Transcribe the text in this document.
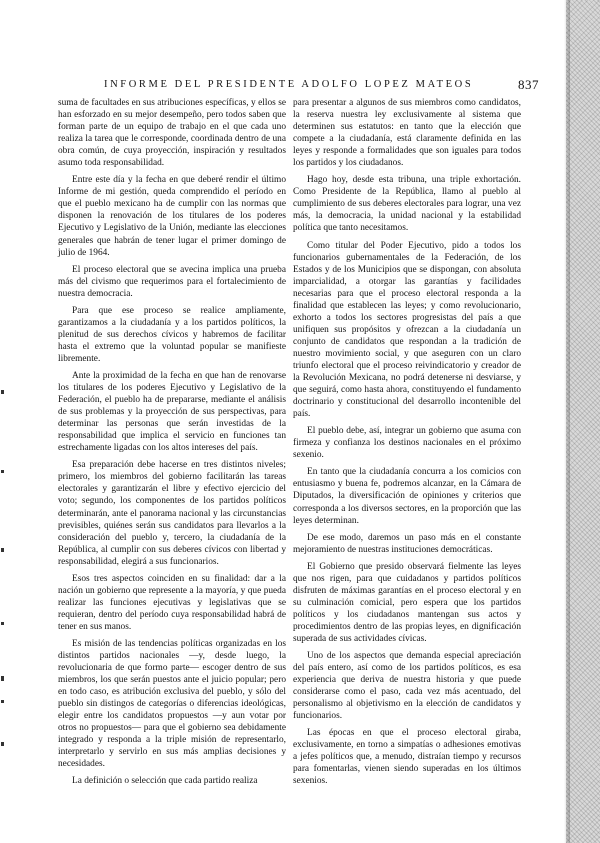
INFORME DEL PRESIDENTE ADOLFO LOPEZ MATEOS	837

suma de facultades en sus atribuciones específicas, y ellos se han esforzado en su mejor desempeño, pero todos saben que forman parte de un equipo de trabajo en el que cada uno realiza la tarea que le corresponde, coordinada dentro de una obra común, de cuya proyección, inspiración y resultados asumo toda responsabilidad.

Entre este día y la fecha en que deberé rendir el último Informe de mi gestión, queda comprendido el período en que el pueblo mexicano ha de cumplir con las normas que disponen la renovación de los titulares de los poderes Ejecutivo y Legislativo de la Unión, mediante las elecciones generales que habrán de tener lugar el primer domingo de julio de 1964.

El proceso electoral que se avecina implica una prueba más del civismo que requerimos para el fortalecimiento de nuestra democracia.

Para que ese proceso se realice ampliamente, garantizamos a la ciudadanía y a los partidos políticos, la plenitud de sus derechos cívicos y habremos de facilitar hasta el extremo que la voluntad popular se manifieste libremente.

Ante la proximidad de la fecha en que han de renovarse los titulares de los poderes Ejecutivo y Legislativo de la Federación, el pueblo ha de prepararse, mediante el análisis de sus problemas y la proyección de sus perspectivas, para determinar las personas que serán investidas de la responsabilidad que implica el servicio en funciones tan estrechamente ligadas con los altos intereses del país.

Esa preparación debe hacerse en tres distintos niveles; primero, los miembros del gobierno facilitarán las tareas electorales y garantizarán el libre y efectivo ejercicio del voto; segundo, los componentes de los partidos políticos determinarán, ante el panorama nacional y las circunstancias previsibles, quiénes serán sus candidatos para llevarlos a la consideración del pueblo y, tercero, la ciudadanía de la República, al cumplir con sus deberes cívicos con libertad y responsabilidad, elegirá a sus funcionarios.

Esos tres aspectos coinciden en su finalidad: dar a la nación un gobierno que represente a la mayoría, y que pueda realizar las funciones ejecutivas y legislativas que se requieran, dentro del período cuya responsabilidad habrá de tener en sus manos.

Es misión de las tendencias políticas organizadas en los distintos partidos nacionales —y, desde luego, la revolucionaria de que formo parte— escoger dentro de sus miembros, los que serán puestos ante el juicio popular; pero en todo caso, es atribución exclusiva del pueblo, y sólo del pueblo sin distingos de categorías o diferencias ideológicas, elegir entre los candidatos propuestos —y aun votar por otros no propuestos— para que el gobierno sea debidamente integrado y responda a la triple misión de representarlo, interpretarlo y servirlo en sus más amplias decisiones y necesidades.

La definición o selección que cada partido realiza

para presentar a algunos de sus miembros como candidatos, la reserva nuestra ley exclusivamente al sistema que determinen sus estatutos: en tanto que la elección que compete a la ciudadanía, está claramente definida en las leyes y responde a formalidades que son iguales para todos los partidos y los ciudadanos.

Hago hoy, desde esta tribuna, una triple exhortación. Como Presidente de la República, llamo al pueblo al cumplimiento de sus deberes electorales para lograr, una vez más, la democracia, la unidad nacional y la estabilidad política que tanto necesitamos.

Como titular del Poder Ejecutivo, pido a todos los funcionarios gubernamentales de la Federación, de los Estados y de los Municipios que se dispongan, con absoluta imparcialidad, a otorgar las garantías y facilidades necesarias para que el proceso electoral responda a la finalidad que establecen las leyes; y como revolucionario, exhorto a todos los sectores progresistas del país a que unifiquen sus propósitos y ofrezcan a la ciudadanía un conjunto de candidatos que respondan a la tradición de nuestro movimiento social, y que aseguren con un claro triunfo electoral que el proceso reivindicatorio y creador de la Revolución Mexicana, no podrá detenerse ni desviarse, y que seguirá, como hasta ahora, constituyendo el fundamento doctrinario y constitucional del desarrollo incontenible del país.

El pueblo debe, así, integrar un gobierno que asuma con firmeza y confianza los destinos nacionales en el próximo sexenio.

En tanto que la ciudadanía concurra a los comicios con entusiasmo y buena fe, podremos alcanzar, en la Cámara de Diputados, la diversificación de opiniones y criterios que corresponda a los diversos sectores, en la proporción que las leyes determinan.

De ese modo, daremos un paso más en el constante mejoramiento de nuestras instituciones democráticas.

El Gobierno que presido observará fielmente las leyes que nos rigen, para que cuidadanos y partidos políticos disfruten de máximas garantías en el proceso electoral y en su culminación comicial, pero espera que los partidos políticos y los ciudadanos mantengan sus actos y procedimientos dentro de las propias leyes, en dignificación superada de sus actividades cívicas.

Uno de los aspectos que demanda especial apreciación del país entero, así como de los partidos políticos, es esa experiencia que deriva de nuestra historia y que puede considerarse como el paso, cada vez más acentuado, del personalismo al objetivismo en la elección de candidatos y funcionarios.

Las épocas en que el proceso electoral giraba, exclusivamente, en torno a simpatías o adhesiones emotivas a jefes políticos que, a menudo, distraían tiempo y recursos para fomentarlas, vienen siendo superadas en los últimos sexenios.
